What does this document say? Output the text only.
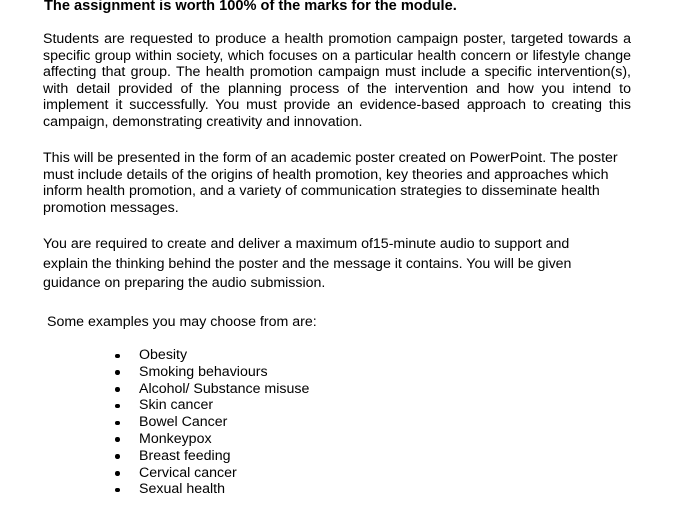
The assignment is worth 100% of the marks for the module.

Students are requested to produce a health promotion campaign poster, targeted towards a specific group within society, which focuses on a particular health concern or lifestyle change affecting that group. The health promotion campaign must include a specific intervention(s), with detail provided of the planning process of the intervention and how you intend to implement it successfully. You must provide an evidence-based approach to creating this campaign, demonstrating creativity and innovation.

This will be presented in the form of an academic poster created on PowerPoint. The poster must include details of the origins of health promotion, key theories and approaches which inform health promotion, and a variety of communication strategies to disseminate health promotion messages.

You are required to create and deliver a maximum of15-minute audio to support and explain the thinking behind the poster and the message it contains. You will be given guidance on preparing the audio submission.

Some examples you may choose from are:
Obesity
Smoking behaviours
Alcohol/ Substance misuse
Skin cancer
Bowel Cancer
Monkeypox
Breast feeding
Cervical cancer
Sexual health
